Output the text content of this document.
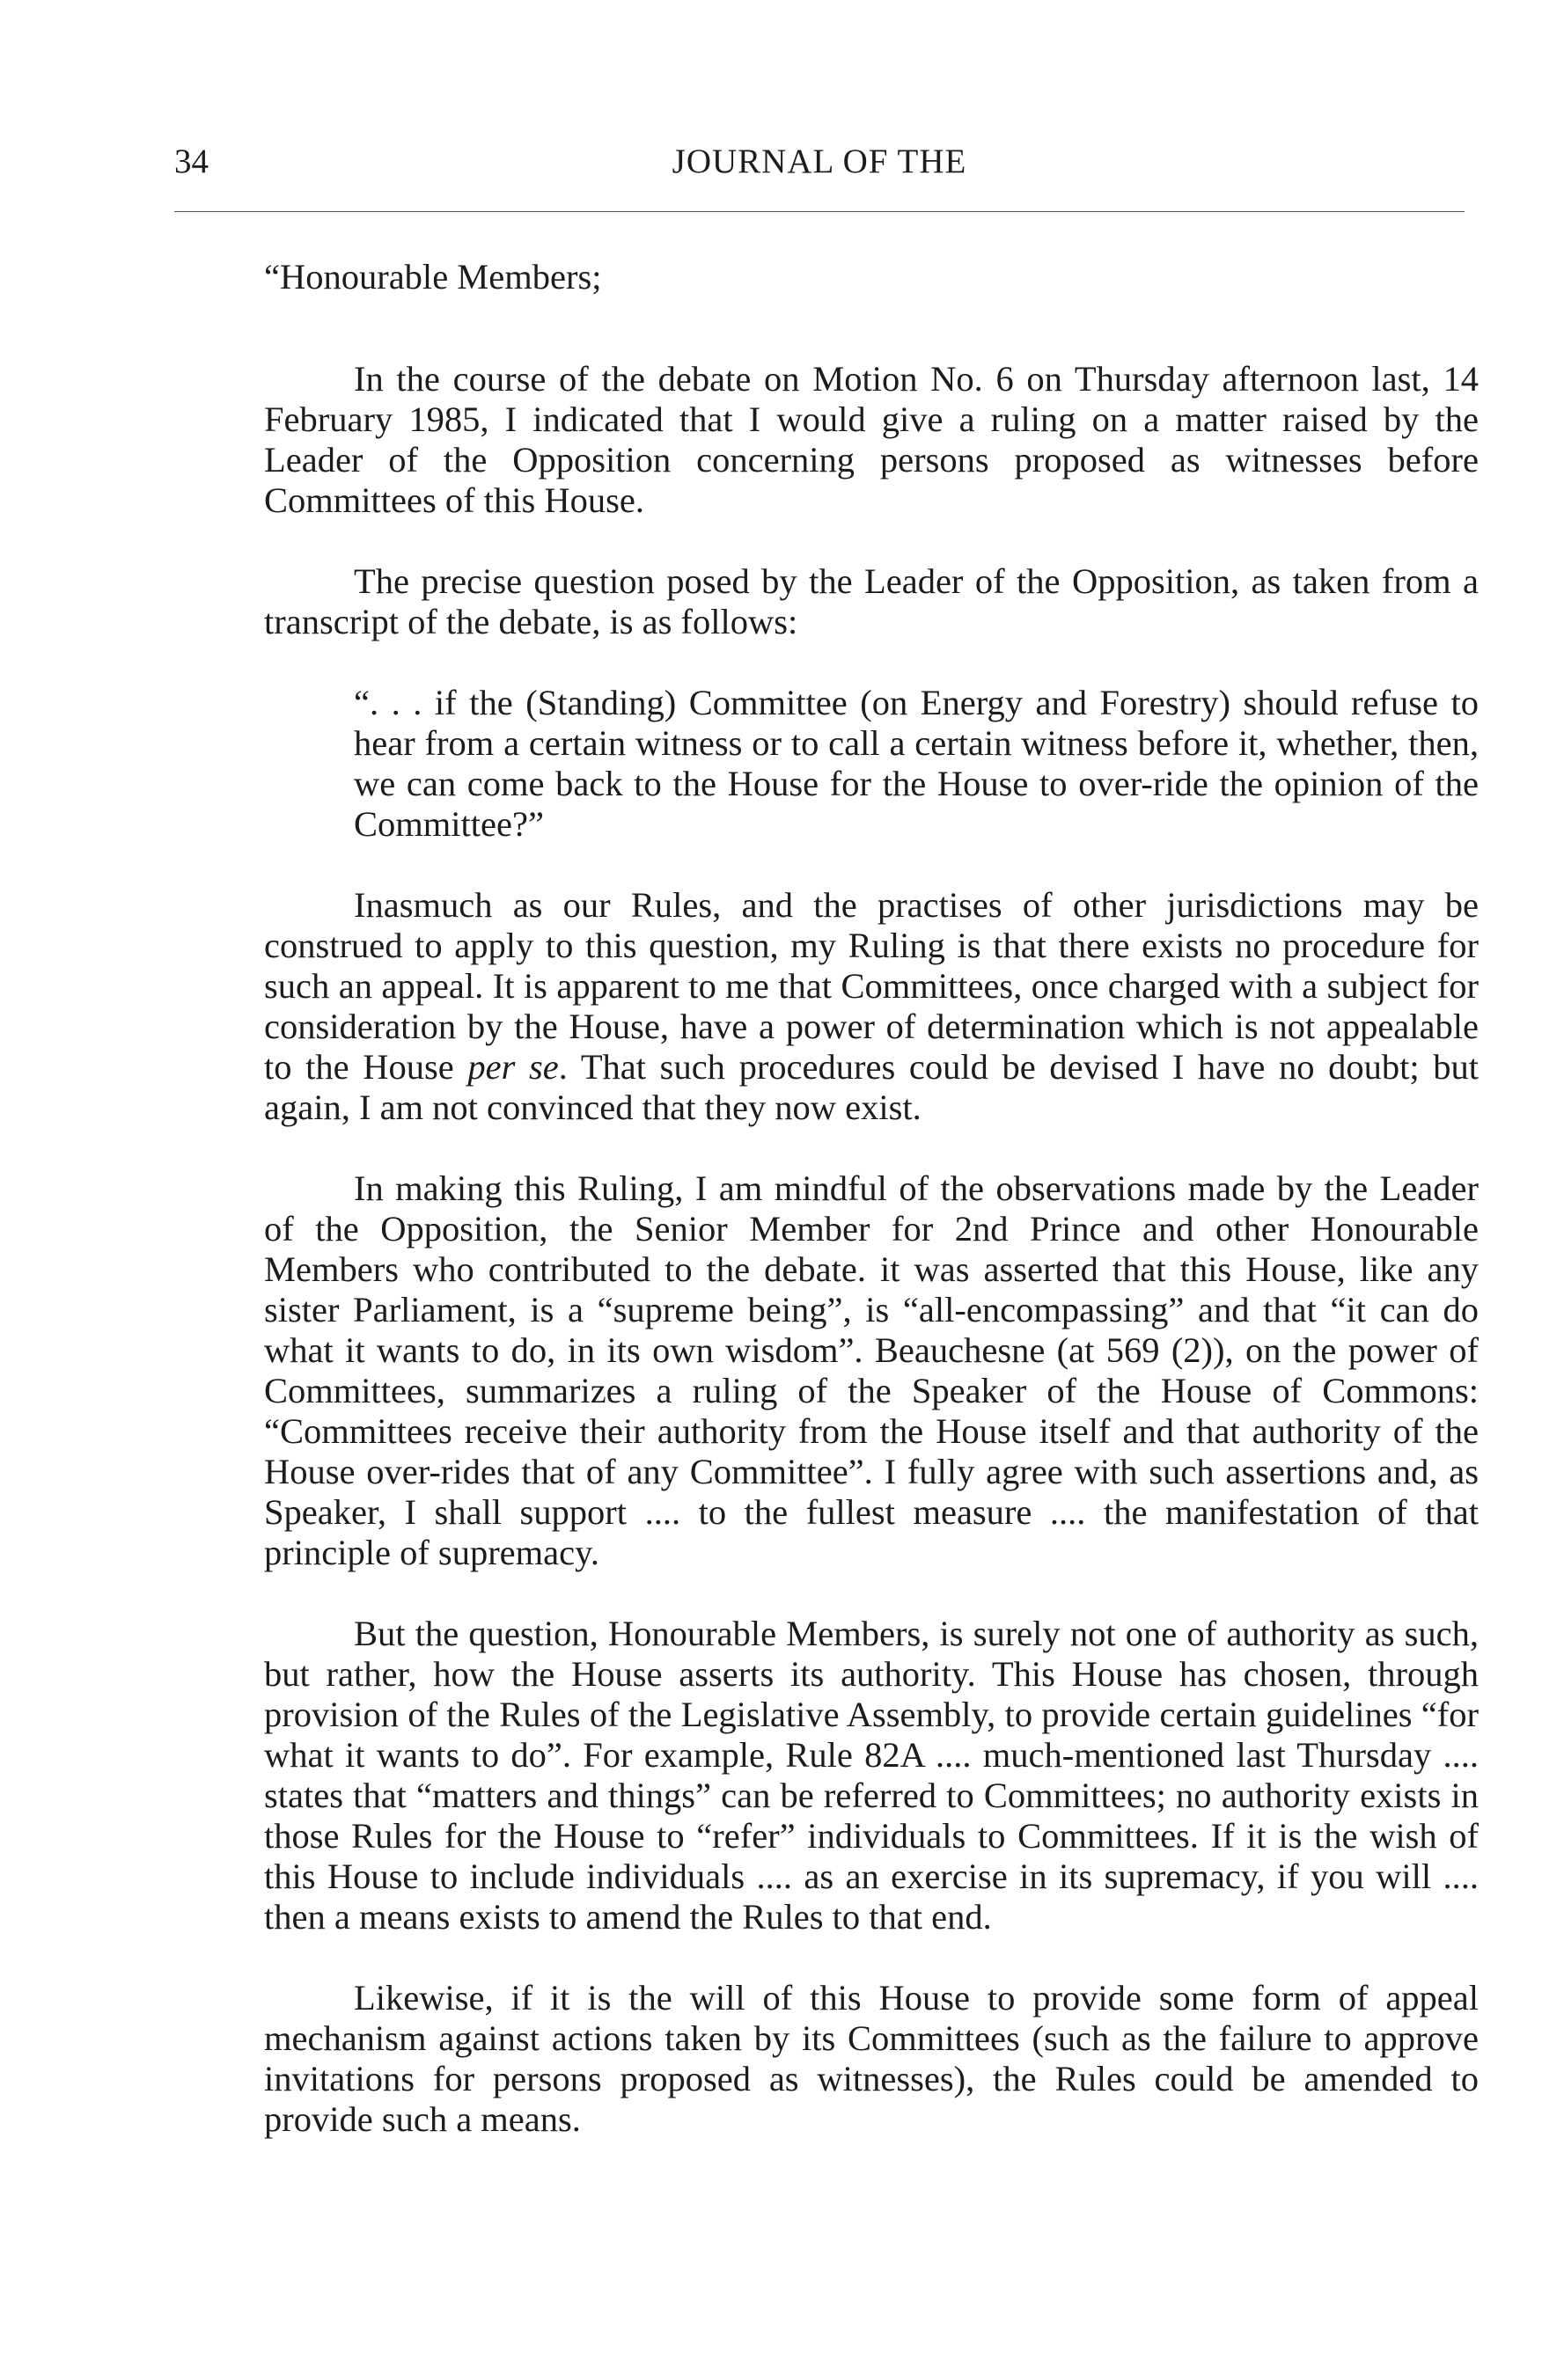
34	JOURNAL OF THE

“Honourable Members;

In the course of the debate on Motion No. 6 on Thursday afternoon last, 14 February 1985, I indicated that I would give a ruling on a matter raised by the Leader of the Opposition concerning persons proposed as witnesses before Committees of this House.

The precise question posed by the Leader of the Opposition, as taken from a transcript of the debate, is as follows:

“. . . if the (Standing) Committee (on Energy and Forestry) should refuse to hear from a certain witness or to call a certain witness before it, whether, then, we can come back to the House for the House to over-ride the opinion of the Committee?”

Inasmuch as our Rules, and the practises of other jurisdictions may be construed to apply to this question, my Ruling is that there exists no procedure for such an appeal. It is apparent to me that Committees, once charged with a subject for consideration by the House, have a power of determination which is not appealable to the House per se. That such procedures could be devised I have no doubt; but again, I am not convinced that they now exist.

In making this Ruling, I am mindful of the observations made by the Leader of the Opposition, the Senior Member for 2nd Prince and other Honourable Members who contributed to the debate. it was asserted that this House, like any sister Parliament, is a “supreme being”, is “all-encompassing” and that “it can do what it wants to do, in its own wisdom”. Beauchesne (at 569 (2)), on the power of Committees, summarizes a ruling of the Speaker of the House of Commons: “Committees receive their authority from the House itself and that authority of the House over-rides that of any Committee”. I fully agree with such assertions and, as Speaker, I shall support .... to the fullest measure .... the manifestation of that principle of supremacy.

But the question, Honourable Members, is surely not one of authority as such, but rather, how the House asserts its authority. This House has chosen, through provision of the Rules of the Legislative Assembly, to provide certain guidelines “for what it wants to do”. For example, Rule 82A .... much-mentioned last Thursday .... states that “matters and things” can be referred to Committees; no authority exists in those Rules for the House to “refer” individuals to Committees. If it is the wish of this House to include individuals .... as an exercise in its supremacy, if you will .... then a means exists to amend the Rules to that end.

Likewise, if it is the will of this House to provide some form of appeal mechanism against actions taken by its Committees (such as the failure to approve invitations for persons proposed as witnesses), the Rules could be amended to provide such a means.
